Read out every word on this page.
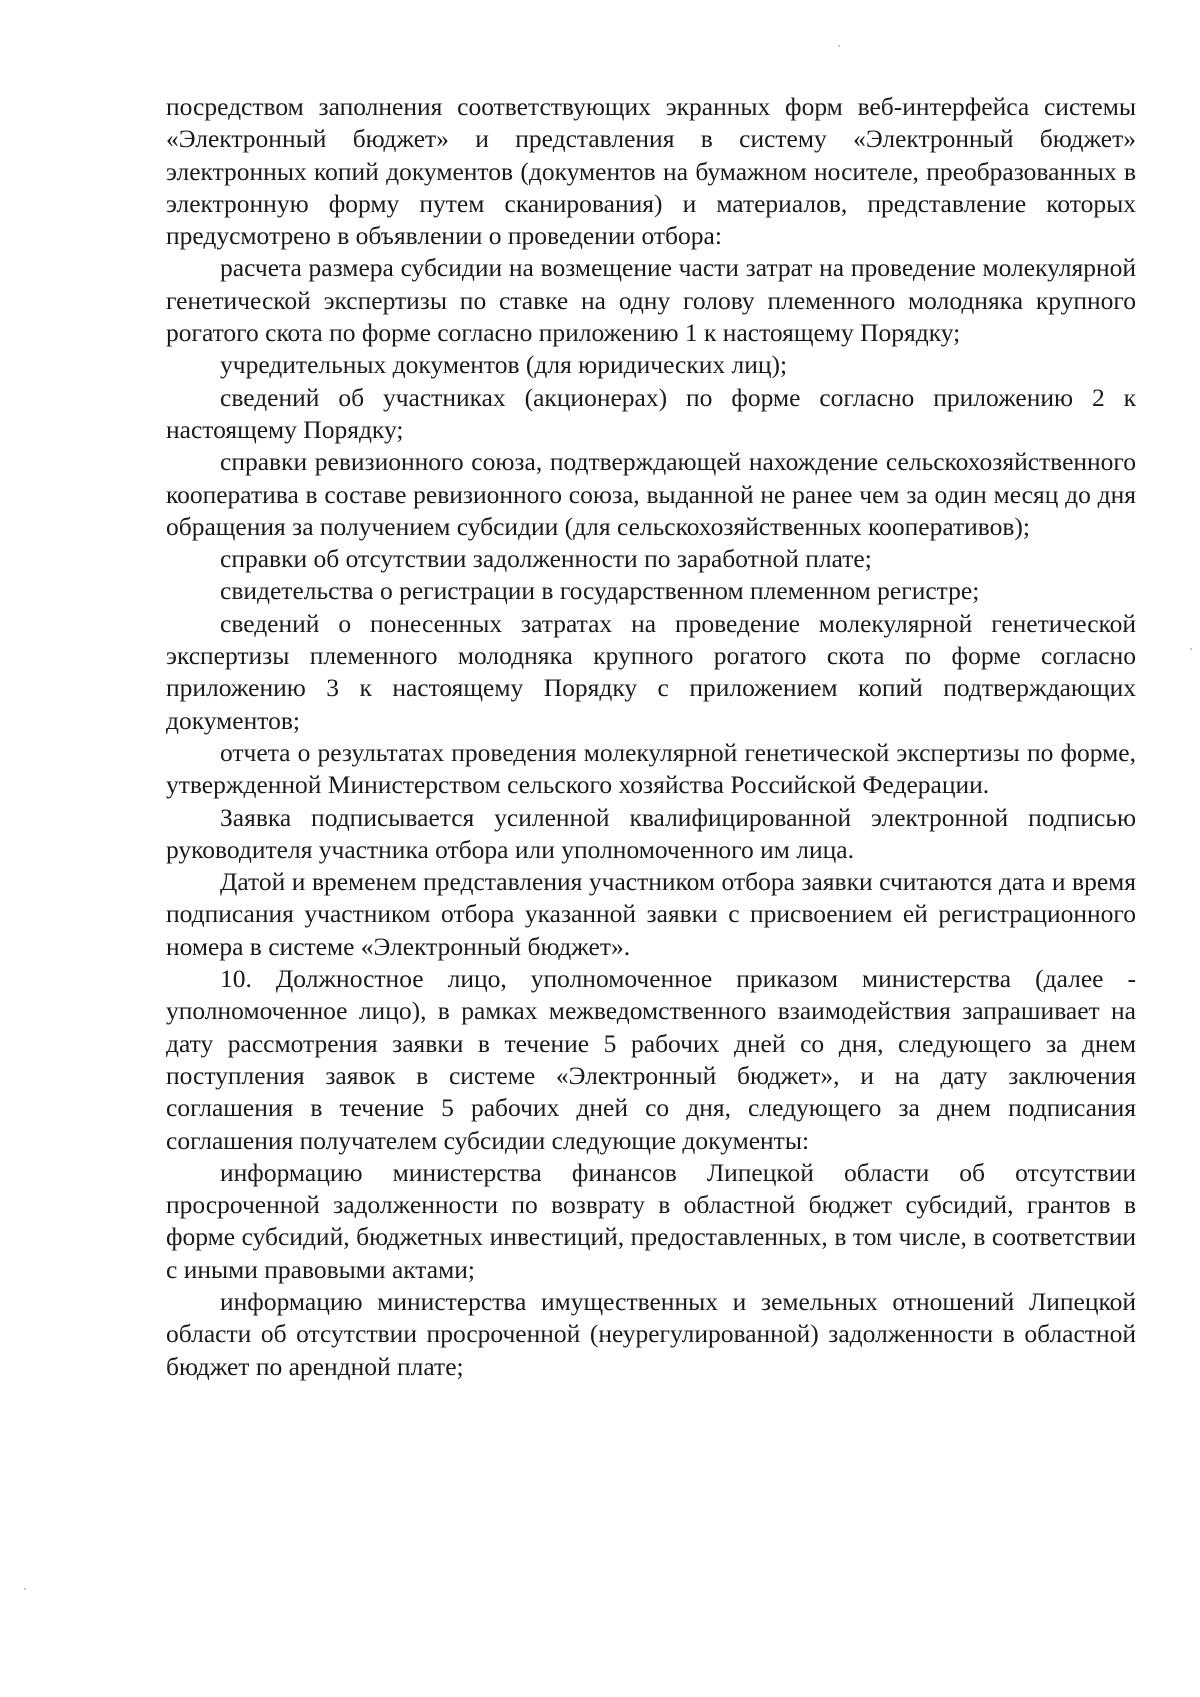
посредством заполнения соответствующих экранных форм веб-интерфейса системы «Электронный бюджет» и представления в систему «Электронный бюджет» электронных копий документов (документов на бумажном носителе, преобразованных в электронную форму путем сканирования) и материалов, представление которых предусмотрено в объявлении о проведении отбора:

расчета размера субсидии на возмещение части затрат на проведение молекулярной генетической экспертизы по ставке на одну голову племенного молодняка крупного рогатого скота по форме согласно приложению 1 к настоящему Порядку;

учредительных документов (для юридических лиц);

сведений об участниках (акционерах) по форме согласно приложению 2 к настоящему Порядку;

справки ревизионного союза, подтверждающей нахождение сельскохозяйственного кооператива в составе ревизионного союза, выданной не ранее чем за один месяц до дня обращения за получением субсидии (для сельскохозяйственных кооперативов);

справки об отсутствии задолженности по заработной плате;

свидетельства о регистрации в государственном племенном регистре;

сведений о понесенных затратах на проведение молекулярной генетической экспертизы племенного молодняка крупного рогатого скота по форме согласно приложению 3 к настоящему Порядку с приложением копий подтверждающих документов;

отчета о результатах проведения молекулярной генетической экспертизы по форме, утвержденной Министерством сельского хозяйства Российской Федерации.

Заявка подписывается усиленной квалифицированной электронной подписью руководителя участника отбора или уполномоченного им лица.

Датой и временем представления участником отбора заявки считаются дата и время подписания участником отбора указанной заявки с присвоением ей регистрационного номера в системе «Электронный бюджет».

10. Должностное лицо, уполномоченное приказом министерства (далее - уполномоченное лицо), в рамках межведомственного взаимодействия запрашивает на дату рассмотрения заявки в течение 5 рабочих дней со дня, следующего за днем поступления заявок в системе «Электронный бюджет», и на дату заключения соглашения в течение 5 рабочих дней со дня, следующего за днем подписания соглашения получателем субсидии следующие документы:

информацию министерства финансов Липецкой области об отсутствии просроченной задолженности по возврату в областной бюджет субсидий, грантов в форме субсидий, бюджетных инвестиций, предоставленных, в том числе, в соответствии с иными правовыми актами;

информацию министерства имущественных и земельных отношений Липецкой области об отсутствии просроченной (неурегулированной) задолженности в областной бюджет по арендной плате;
